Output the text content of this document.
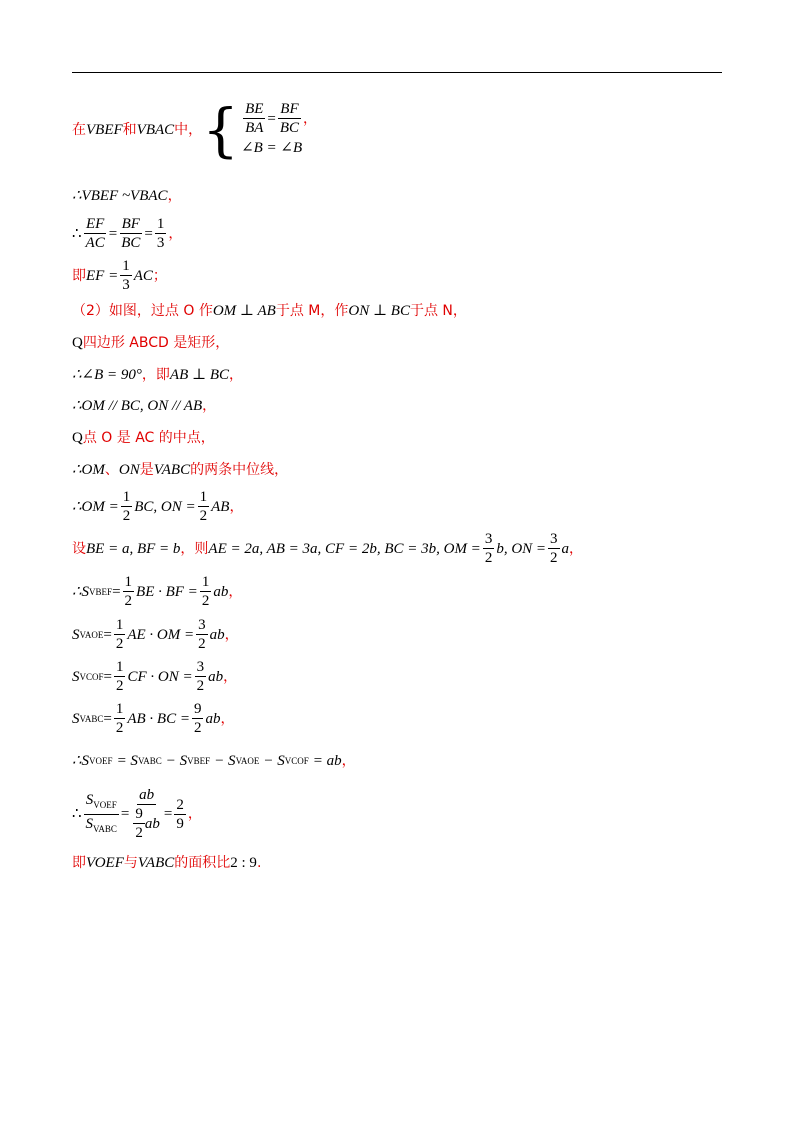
在 VBEF 和 VBAC 中， { $\frac{BE}{BA} = \frac{BF}{BC}$ ，
∠B = ∠B
∴VBEF ~VBAC ，
∴ $\frac{EF}{AC} = \frac{BF}{BC} = \frac{1}{3}$ ，
即 EF = $\frac{1}{3}$ AC ；
（2）如图，过点 O 作 OM ⊥ AB 于点 M，作 ON ⊥ BC 于点 N，
Q 四边形 ABCD 是矩形，
∴∠B = 90° ，即 AB ⊥ BC ，
∴OM // BC, ON // AB ，
Q 点 O 是 AC 的中点，
∴OM 、 ON 是 VABC 的两条中位线，
∴OM = $\frac{1}{2}$ BC, ON = $\frac{1}{2}$ AB ，
设 BE = a, BF = b ，则 AE = 2a, AB = 3a, CF = 2b, BC = 3b, OM = $\frac{3}{2} b$, ON = $\frac{3}{2}$ a ，
∴S VBEF = $\frac{1}{2}$ BE · BF = $\frac{1}{2}$ ab ，
S VAOE = $\frac{1}{2}$ AE · OM = $\frac{3}{2}$ ab ，
S VCOF = $\frac{1}{2}$ CF · ON = $\frac{3}{2}$ ab ，
S VABC = $\frac{1}{2}$ AB · BC = $\frac{9}{2}$ ab ，
∴S VOEF = S VABC − S VBEF − S VAOE − S VCOF = ab ，
∴ $\frac{S_{VOEF}}{S_{VABC}} = \frac{ab}{\frac{9}{2} ab} = \frac{2}{9}$ ，
即 VOEF 与 VABC 的面积比 2 : 9 .
